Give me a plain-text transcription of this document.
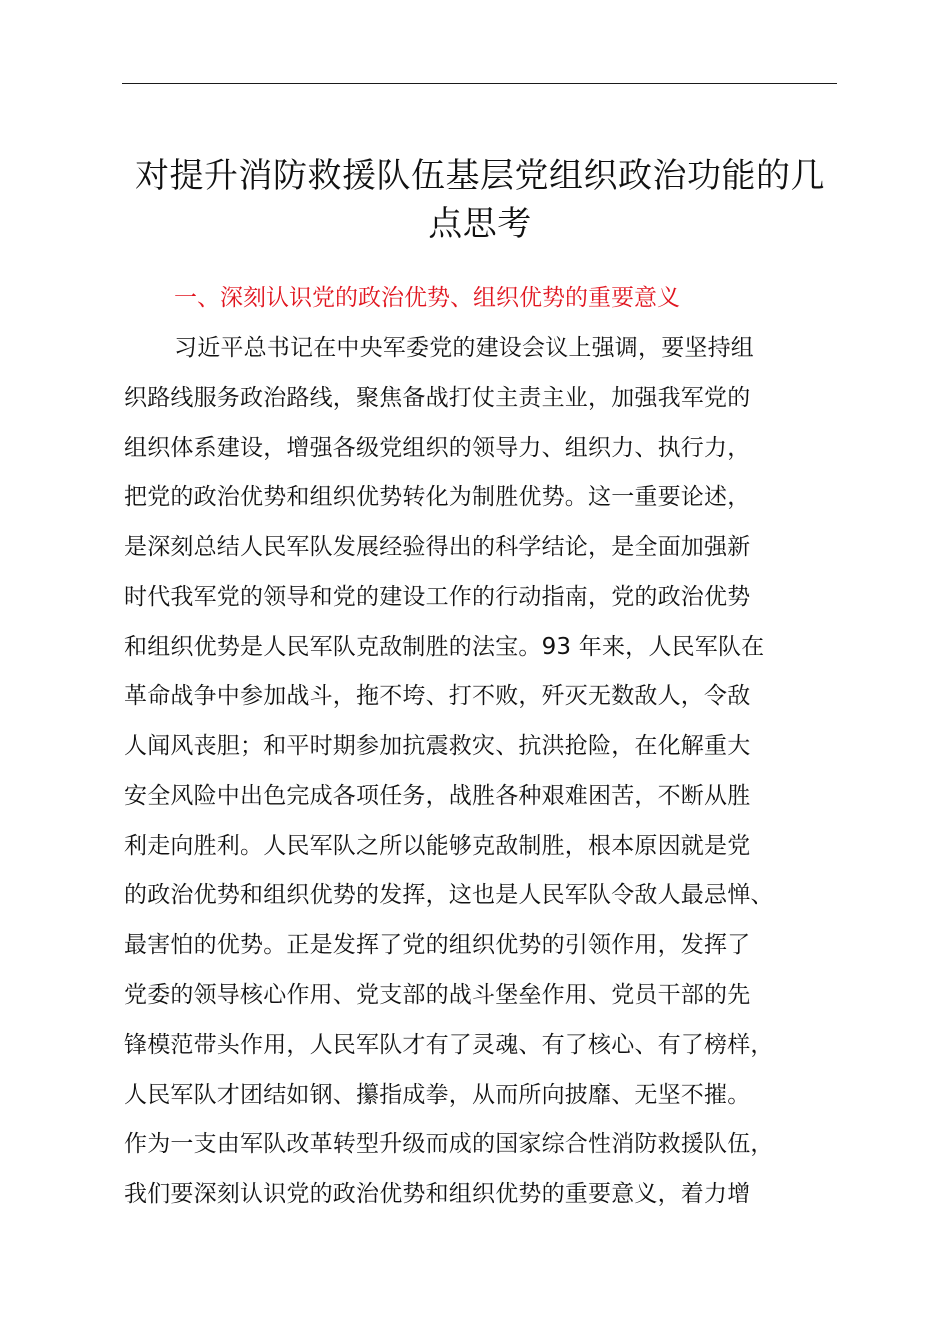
对提升消防救援队伍基层党组织政治功能的几
点思考
一、深刻认识党的政治优势、组织优势的重要意义
习近平总书记在中央军委党的建设会议上强调，要坚持组
织路线服务政治路线，聚焦备战打仗主责主业，加强我军党的
组织体系建设，增强各级党组织的领导力、组织力、执行力，
把党的政治优势和组织优势转化为制胜优势。这一重要论述，
是深刻总结人民军队发展经验得出的科学结论，是全面加强新
时代我军党的领导和党的建设工作的行动指南，党的政治优势
和组织优势是人民军队克敌制胜的法宝。93 年来，人民军队在
革命战争中参加战斗，拖不垮、打不败，歼灭无数敌人，令敌
人闻风丧胆；和平时期参加抗震救灾、抗洪抢险，在化解重大
安全风险中出色完成各项任务，战胜各种艰难困苦，不断从胜
利走向胜利。人民军队之所以能够克敌制胜，根本原因就是党
的政治优势和组织优势的发挥，这也是人民军队令敌人最忌惮、
最害怕的优势。正是发挥了党的组织优势的引领作用，发挥了
党委的领导核心作用、党支部的战斗堡垒作用、党员干部的先
锋模范带头作用，人民军队才有了灵魂、有了核心、有了榜样，
人民军队才团结如钢、攥指成拳，从而所向披靡、无坚不摧。
作为一支由军队改革转型升级而成的国家综合性消防救援队伍，
我们要深刻认识党的政治优势和组织优势的重要意义，着力增
